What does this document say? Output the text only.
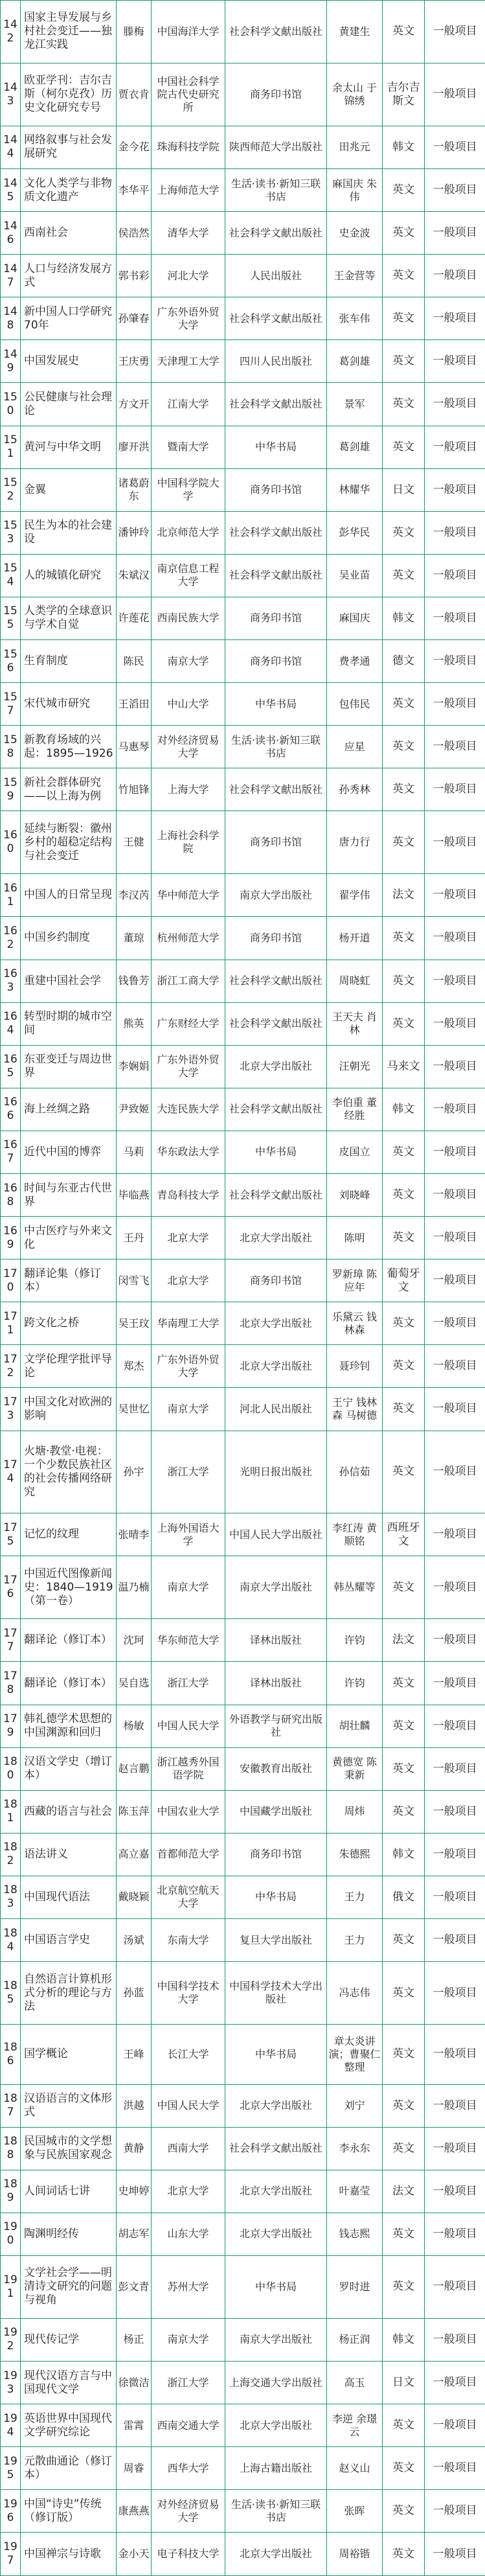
142	国家主导发展与乡村社会变迁——独龙江实践	滕梅	中国海洋大学	社会科学文献出版社	黄建生	英文	一般项目
143	欧亚学刊：吉尔吉斯（柯尔克孜）历史文化研究专号	贾衣肯	中国社会科学院古代史研究所	商务印书馆	余太山 于锦绣	吉尔吉斯文	一般项目
144	网络叙事与社会发展研究	金今花	珠海科技学院	陕西师范大学出版社	田兆元	韩文	一般项目
145	文化人类学与非物质文化遗产	李华平	上海师范大学	生活·读书·新知三联书店	麻国庆 朱伟	英文	一般项目
146	西南社会	侯浩然	清华大学	社会科学文献出版社	史金波	英文	一般项目
147	人口与经济发展方式	郭书彩	河北大学	人民出版社	王金营等	英文	一般项目
148	新中国人口学研究70年	孙肇春	广东外语外贸大学	社会科学文献出版社	张车伟	英文	一般项目
149	中国发展史	王庆勇	天津理工大学	四川人民出版社	葛剑雄	英文	一般项目
150	公民健康与社会理论	方文开	江南大学	社会科学文献出版社	景军	英文	一般项目
151	黄河与中华文明	廖开洪	暨南大学	中华书局	葛剑雄	英文	一般项目
152	金翼	诸葛蔚东	中国科学院大学	商务印书馆	林耀华	日文	一般项目
153	民生为本的社会建设	潘钟玲	北京师范大学	社会科学文献出版社	彭华民	英文	一般项目
154	人的城镇化研究	朱斌汉	南京信息工程大学	社会科学文献出版社	吴业苗	英文	一般项目
155	人类学的全球意识与学术自觉	许莲花	西南民族大学	商务印书馆	麻国庆	韩文	一般项目
156	生育制度	陈民	南京大学	商务印书馆	费孝通	德文	一般项目
157	宋代城市研究	王滔田	中山大学	中华书局	包伟民	英文	一般项目
158	新教育场域的兴起：1895—1926	马惠琴	对外经济贸易大学	生活·读书·新知三联书店	应星	英文	一般项目
159	新社会群体研究——以上海为例	竹旭锋	上海大学	社会科学文献出版社	孙秀林	英文	一般项目
160	延续与断裂：徽州乡村的超稳定结构与社会变迁	王健	上海社会科学院	商务印书馆	唐力行	英文	一般项目
161	中国人的日常呈现	李汉芮	华中师范大学	南京大学出版社	翟学伟	法文	一般项目
162	中国乡约制度	董琼	杭州师范大学	商务印书馆	杨开道	英文	一般项目
163	重建中国社会学	钱鲁芳	浙江工商大学	社会科学文献出版社	周晓虹	英文	一般项目
164	转型时期的城市空间	熊英	广东财经大学	社会科学文献出版社	王天夫 肖林	英文	一般项目
165	东亚变迁与周边世界	李娴娟	广东外语外贸大学	北京大学出版社	汪朝光	马来文	一般项目
166	海上丝绸之路	尹致姬	大连民族大学	社会科学文献出版社	李伯重 董经胜	韩文	一般项目
167	近代中国的博弈	马莉	华东政法大学	中华书局	皮国立	英文	一般项目
168	时间与东亚古代世界	毕临燕	青岛科技大学	社会科学文献出版社	刘晓峰	英文	一般项目
169	中古医疗与外来文化	王丹	北京大学	北京大学出版社	陈明	英文	一般项目
170	翻译论集（修订本）	闵雪飞	北京大学	商务印书馆	罗新璋 陈应年	葡萄牙文	一般项目
171	跨文化之桥	吴王玟	华南理工大学	北京大学出版社	乐黛云 钱林森	英文	一般项目
172	文学伦理学批评导论	郑杰	广东外语外贸大学	北京大学出版社	聂珍钊	英文	一般项目
173	中国文化对欧洲的影响	吴世忆	南京大学	河北人民出版社	王宁 钱林森 马树德	英文	一般项目
174	火塘·教堂·电视：一个少数民族社区的社会传播网络研究	孙宇	浙江大学	光明日报出版社	孙信茹	英文	一般项目
175	记忆的纹理	张晴李	上海外国语大学	中国人民大学出版社	李红涛 黄顺铭	西班牙文	一般项目
176	中国近代图像新闻史：1840—1919（第一卷）	温乃楠	南京大学	南京大学出版社	韩丛耀等	英文	一般项目
177	翻译论（修订本）	沈珂	华东师范大学	译林出版社	许钧	法文	一般项目
178	翻译论（修订本）	吴自选	浙江大学	译林出版社	许钧	英文	一般项目
179	韩礼德学术思想的中国渊源和回归	杨敏	中国人民大学	外语教学与研究出版社	胡壮麟	英文	一般项目
180	汉语文学史（增订本）	赵言鹏	浙江越秀外国语学院	安徽教育出版社	黄德宽 陈秉新	英文	一般项目
181	西藏的语言与社会	陈玉萍	中国农业大学	中国藏学出版社	周炜	英文	一般项目
182	语法讲义	高立嘉	首都师范大学	商务印书馆	朱德熙	韩文	一般项目
183	中国现代语法	戴晓颖	北京航空航天大学	中华书局	王力	俄文	一般项目
184	中国语言学史	汤斌	东南大学	复旦大学出版社	王力	英文	一般项目
185	自然语言计算机形式分析的理论与方法	孙蓝	中国科学技术大学	中国科学技术大学出版社	冯志伟	英文	一般项目
186	国学概论	王峰	长江大学	中华书局	章太炎讲演；曹聚仁整理	英文	一般项目
187	汉语语言的文体形式	洪越	中国人民大学	北京大学出版社	刘宁	英文	一般项目
188	民国城市的文学想象与民族国家观念	黄静	西南大学	社会科学文献出版社	李永东	英文	一般项目
189	人间词话七讲	史坤婷	北京大学	北京大学出版社	叶嘉莹	法文	一般项目
190	陶渊明经传	胡志军	山东大学	北京大学出版社	钱志熙	英文	一般项目
191	文学社会学——明清诗文研究的问题与视角	彭文青	苏州大学	中华书局	罗时进	英文	一般项目
192	现代传记学	杨正	南京大学	南京大学出版社	杨正润	韩文	一般项目
193	现代汉语方言与中国现代文学	徐微洁	浙江大学	上海交通大学出版社	高玉	日文	一般项目
194	英语世界中国现代文学研究综论	雷霄	西南交通大学	北京大学出版社	李逆 余璟云	英文	一般项目
195	元散曲通论（修订本）	周睿	西华大学	上海古籍出版社	赵义山	英文	一般项目
196	中国“诗史”传统（修订版）	康燕燕	对外经济贸易大学	生活·读书·新知三联书店	张晖	英文	一般项目
197	中国禅宗与诗歌	金小天	电子科技大学	北京大学出版社	周裕锴	英文	一般项目
